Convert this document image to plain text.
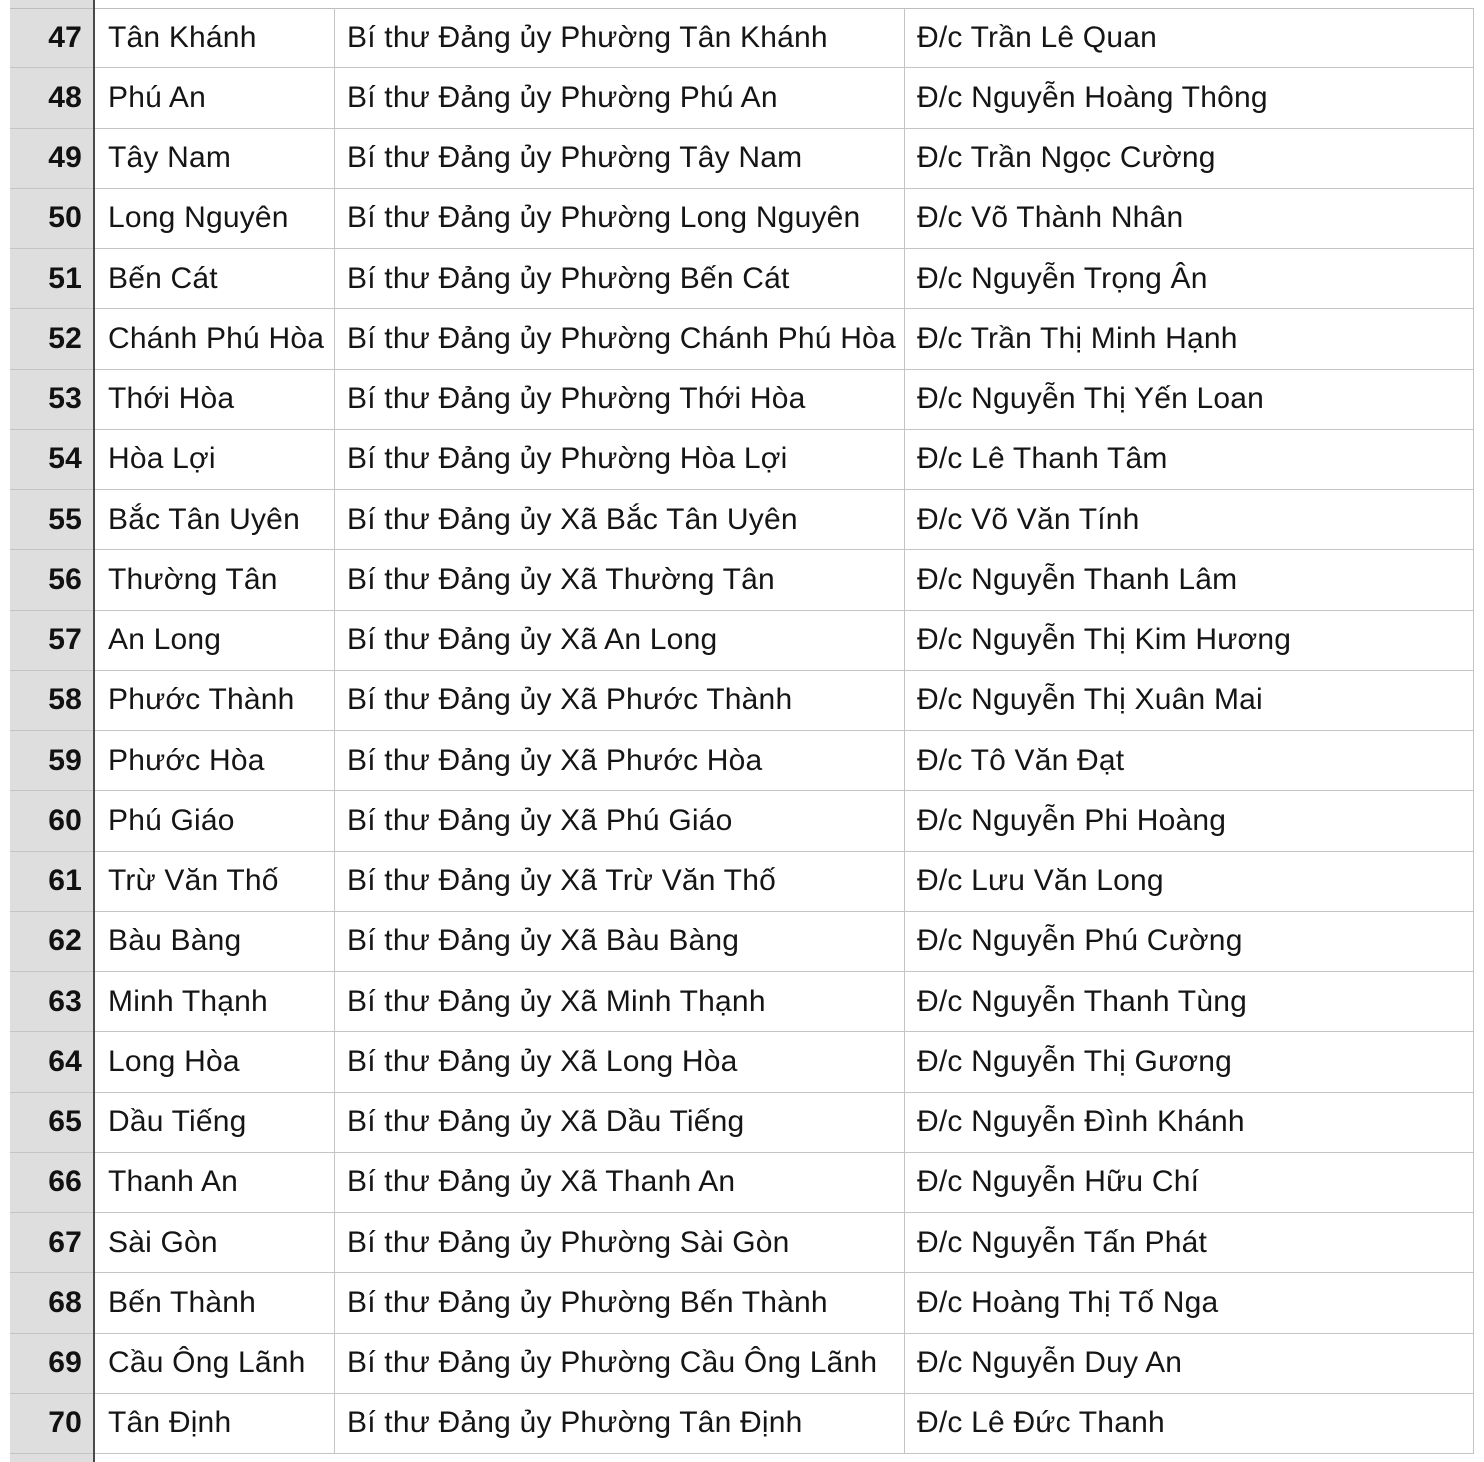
47 Tân Khánh	Bí thư Đảng ủy Phường Tân Khánh	Đ/c Trần Lê Quan
48 Phú An	Bí thư Đảng ủy Phường Phú An	Đ/c Nguyễn Hoàng Thông
49 Tây Nam	Bí thư Đảng ủy Phường Tây Nam	Đ/c Trần Ngọc Cường
50 Long Nguyên	Bí thư Đảng ủy Phường Long Nguyên	Đ/c Võ Thành Nhân
51 Bến Cát	Bí thư Đảng ủy Phường Bến Cát	Đ/c Nguyễn Trọng Ân
52 Chánh Phú Hòa Bí thư Đảng ủy Phường Chánh Phú Hòa Đ/c Trần Thị Minh Hạnh
53 Thới Hòa	Bí thư Đảng ủy Phường Thới Hòa	Đ/c Nguyễn Thị Yến Loan
54 Hòa Lợi	Bí thư Đảng ủy Phường Hòa Lợi	Đ/c Lê Thanh Tâm
55 Bắc Tân Uyên	Bí thư Đảng ủy Xã Bắc Tân Uyên	Đ/c Võ Văn Tính
56 Thường Tân	Bí thư Đảng ủy Xã Thường Tân	Đ/c Nguyễn Thanh Lâm
57 An Long	Bí thư Đảng ủy Xã An Long	Đ/c Nguyễn Thị Kim Hương
58 Phước Thành	Bí thư Đảng ủy Xã Phước Thành	Đ/c Nguyễn Thị Xuân Mai
59 Phước Hòa	Bí thư Đảng ủy Xã Phước Hòa	Đ/c Tô Văn Đạt
60 Phú Giáo	Bí thư Đảng ủy Xã Phú Giáo	Đ/c Nguyễn Phi Hoàng
61 Trừ Văn Thố	Bí thư Đảng ủy Xã Trừ Văn Thố	Đ/c Lưu Văn Long
62 Bàu Bàng	Bí thư Đảng ủy Xã Bàu Bàng	Đ/c Nguyễn Phú Cường
63 Minh Thạnh	Bí thư Đảng ủy Xã Minh Thạnh	Đ/c Nguyễn Thanh Tùng
64 Long Hòa	Bí thư Đảng ủy Xã Long Hòa	Đ/c Nguyễn Thị Gương
65 Dầu Tiếng	Bí thư Đảng ủy Xã Dầu Tiếng	Đ/c Nguyễn Đình Khánh
66 Thanh An	Bí thư Đảng ủy Xã Thanh An	Đ/c Nguyễn Hữu Chí
67 Sài Gòn	Bí thư Đảng ủy Phường Sài Gòn	Đ/c Nguyễn Tấn Phát
68 Bến Thành	Bí thư Đảng ủy Phường Bến Thành	Đ/c Hoàng Thị Tố Nga
69 Cầu Ông Lãnh	Bí thư Đảng ủy Phường Cầu Ông Lãnh	Đ/c Nguyễn Duy An
70 Tân Định	Bí thư Đảng ủy Phường Tân Định	Đ/c Lê Đức Thanh
